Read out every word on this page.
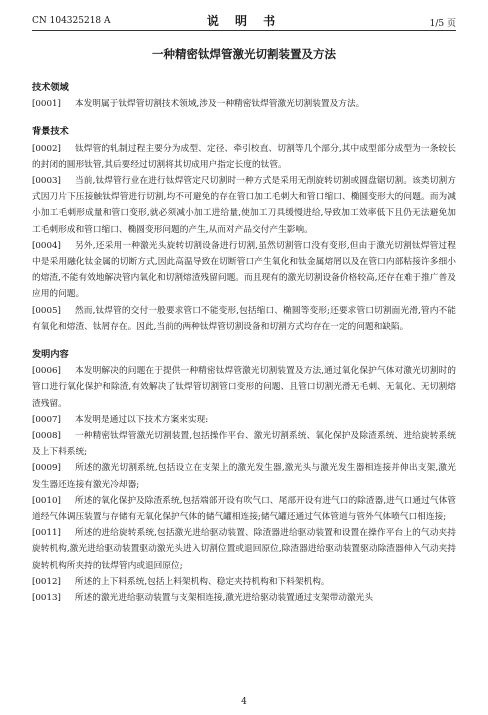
CN 104325218 A	说 明 书	1/5 页
一种精密钛焊管激光切割装置及方法

技术领域

[0001] 本发明属于钛焊管切割技术领域,涉及一种精密钛焊管激光切割装置及方法。

背景技术

[0002] 钛焊管的轧制过程主要分为成型、定径、牵引校直、切割等几个部分,其中成型部分成型为一条较长的封闭的圆形钛管,其后要经过切割将其切成用户指定长度的钛管。

[0003] 当前,钛焊管行业在进行钛焊管定尺切割时一种方式是采用无削旋转切割或圆盘锯切割。该类切割方式因刀片下压接触钛焊管进行切割,均不可避免的存在管口加工毛刺大和管口缩口、椭圆变形大的问题。而为减小加工毛刺形成量和管口变形,就必须减小加工进给量,使加工刀具缓慢进给,导致加工效率低下且仍无法避免加工毛刺形成和管口缩口、椭圆变形问题的产生,从而对产品交付产生影响。

[0004] 另外,还采用一种激光头旋转切割设备进行切割,虽然切割管口没有变形,但由于激光切割钛焊管过程中是采用融化钛金属的切断方式,因此高温导致在切断管口产生氧化和钛金属熔屑以及在管口内部粘接许多细小的熔渣,不能有效地解决管内氧化和切割熔渣残留问题。而且现有的激光切割设备价格较高,还存在难于推广普及应用的问题。

[0005] 然而,钛焊管的交付一般要求管口不能变形,包括缩口、椭圆等变形;还要求管口切割面光滑,管内不能有氧化和熔渣、钛屑存在。因此,当前的两种钛焊管切割设备和切割方式均存在一定的问题和缺陷。

发明内容

[0006] 本发明解决的问题在于提供一种精密钛焊管激光切割装置及方法,通过氧化保护气体对激光切割时的管口进行氧化保护和除渣,有效解决了钛焊管切割管口变形的问题、且管口切割光滑无毛刺、无氧化、无切割熔渣残留。

[0007] 本发明是通过以下技术方案来实现:

[0008] 一种精密钛焊管激光切割装置,包括操作平台、激光切割系统、氧化保护及除渣系统、进给旋转系统及上下料系统;

[0009] 所述的激光切割系统,包括设立在支架上的激光发生器,激光头与激光发生器相连接并伸出支架,激光发生器还连接有激光冷却器;

[0010] 所述的氧化保护及除渣系统,包括端部开设有吹气口、尾部开设有进气口的除渣器,进气口通过气体管道经气体调压装置与存储有无氧化保护气体的储气罐相连接;储气罐还通过气体管道与管外气体喷气口相连接;

[0011] 所述的进给旋转系统,包括激光进给驱动装置、除渣器进给驱动装置和设置在操作平台上的气动夹持旋转机构,激光进给驱动装置驱动激光头进入切割位置或退回原位,除渣器进给驱动装置驱动除渣器伸入气动夹持旋转机构所夹持的钛焊管内或退回原位;

[0012] 所述的上下料系统,包括上料架机构、稳定夹持机构和下料架机构。

[0013] 所述的激光进给驱动装置与支架相连接,激光进给驱动装置通过支架带动激光头

4
